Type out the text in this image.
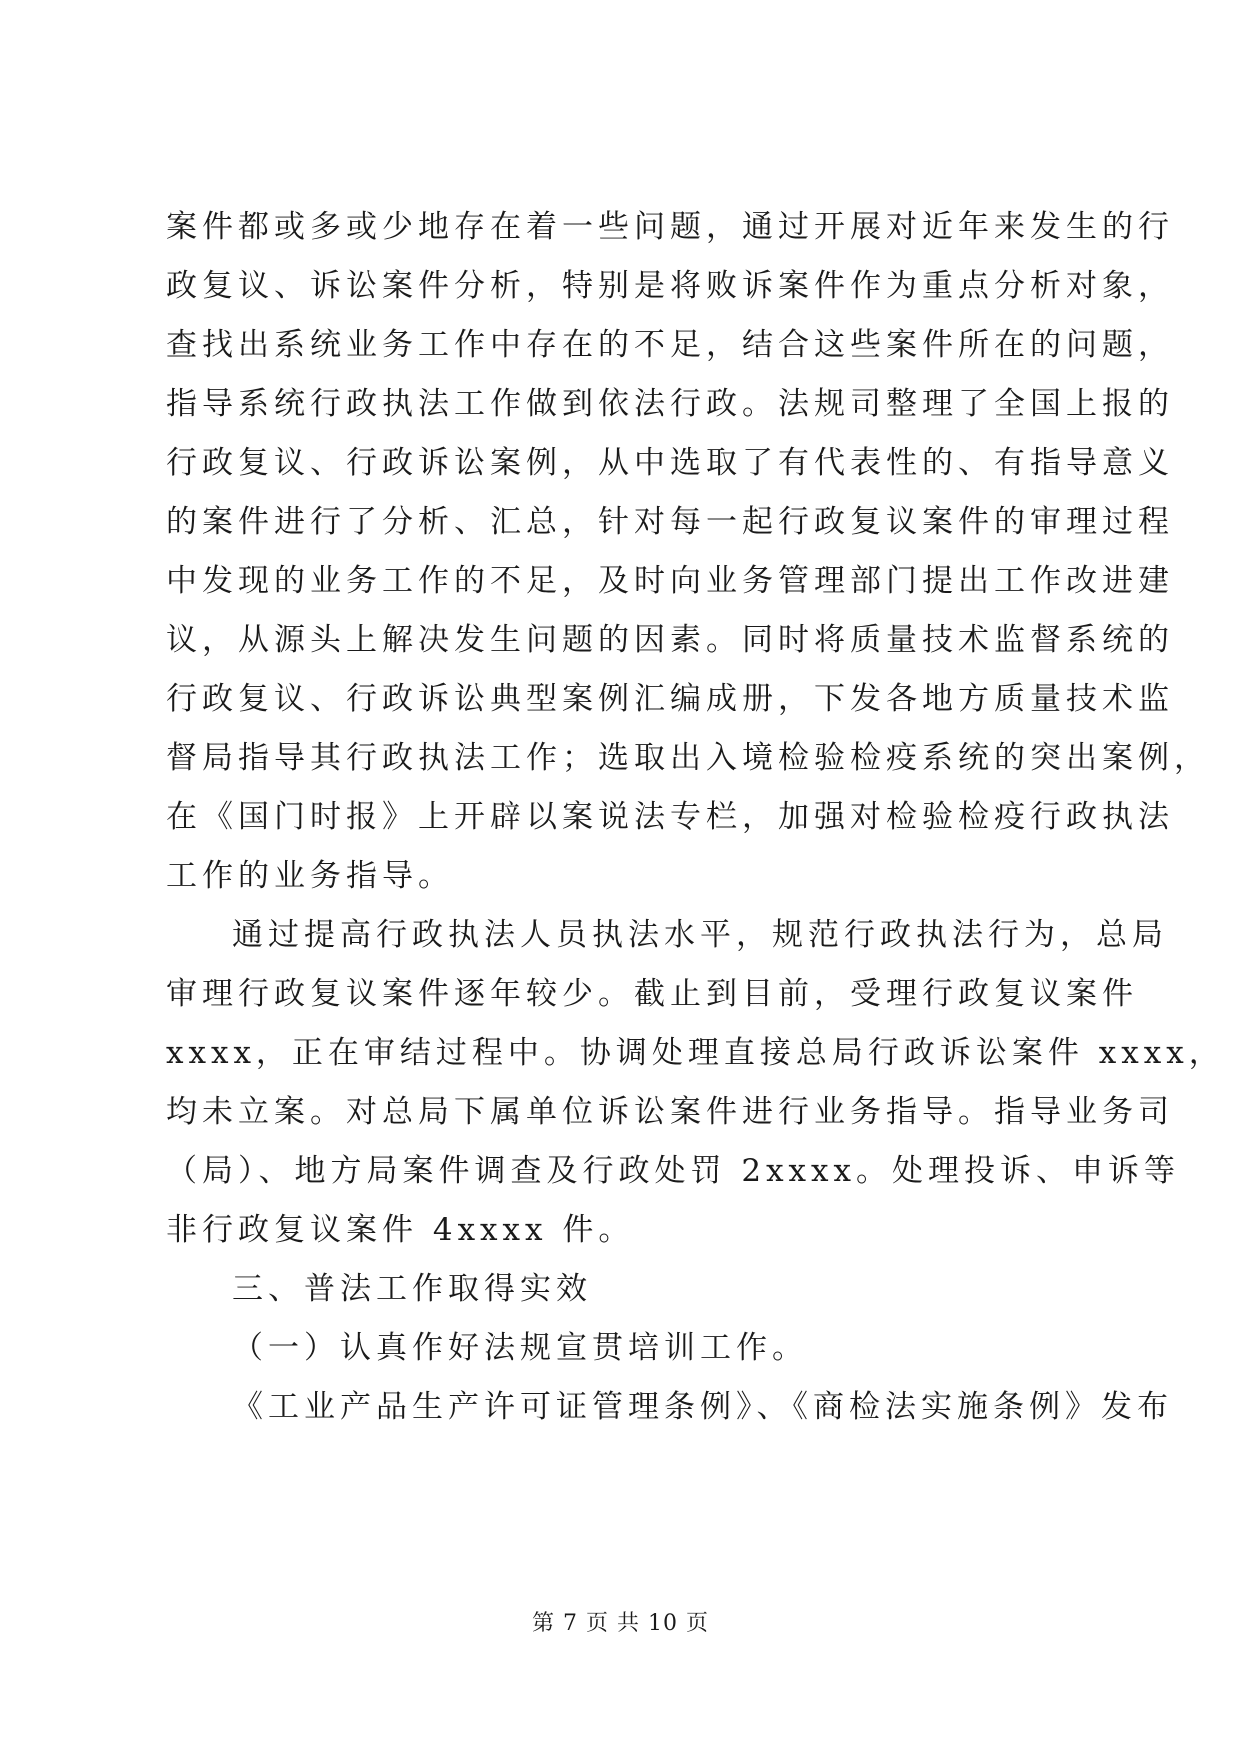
案件都或多或少地存在着一些问题，通过开展对近年来发生的行
政复议、诉讼案件分析，特别是将败诉案件作为重点分析对象，
查找出系统业务工作中存在的不足，结合这些案件所在的问题，
指导系统行政执法工作做到依法行政。法规司整理了全国上报的
行政复议、行政诉讼案例，从中选取了有代表性的、有指导意义
的案件进行了分析、汇总，针对每一起行政复议案件的审理过程
中发现的业务工作的不足，及时向业务管理部门提出工作改进建
议，从源头上解决发生问题的因素。同时将质量技术监督系统的
行政复议、行政诉讼典型案例汇编成册，下发各地方质量技术监
督局指导其行政执法工作；选取出入境检验检疫系统的突出案例，
在《国门时报》上开辟以案说法专栏，加强对检验检疫行政执法
工作的业务指导。

通过提高行政执法人员执法水平，规范行政执法行为，总局
审理行政复议案件逐年较少。截止到目前，受理行政复议案件
xxxx，正在审结过程中。协调处理直接总局行政诉讼案件 xxxx，
均未立案。对总局下属单位诉讼案件进行业务指导。指导业务司
（局）、地方局案件调查及行政处罚 2xxxx。处理投诉、申诉等
非行政复议案件 4xxxx 件。

三、普法工作取得实效

（一）认真作好法规宣贯培训工作。

《工业产品生产许可证管理条例》、《商检法实施条例》发布

第 7 页 共 10 页
